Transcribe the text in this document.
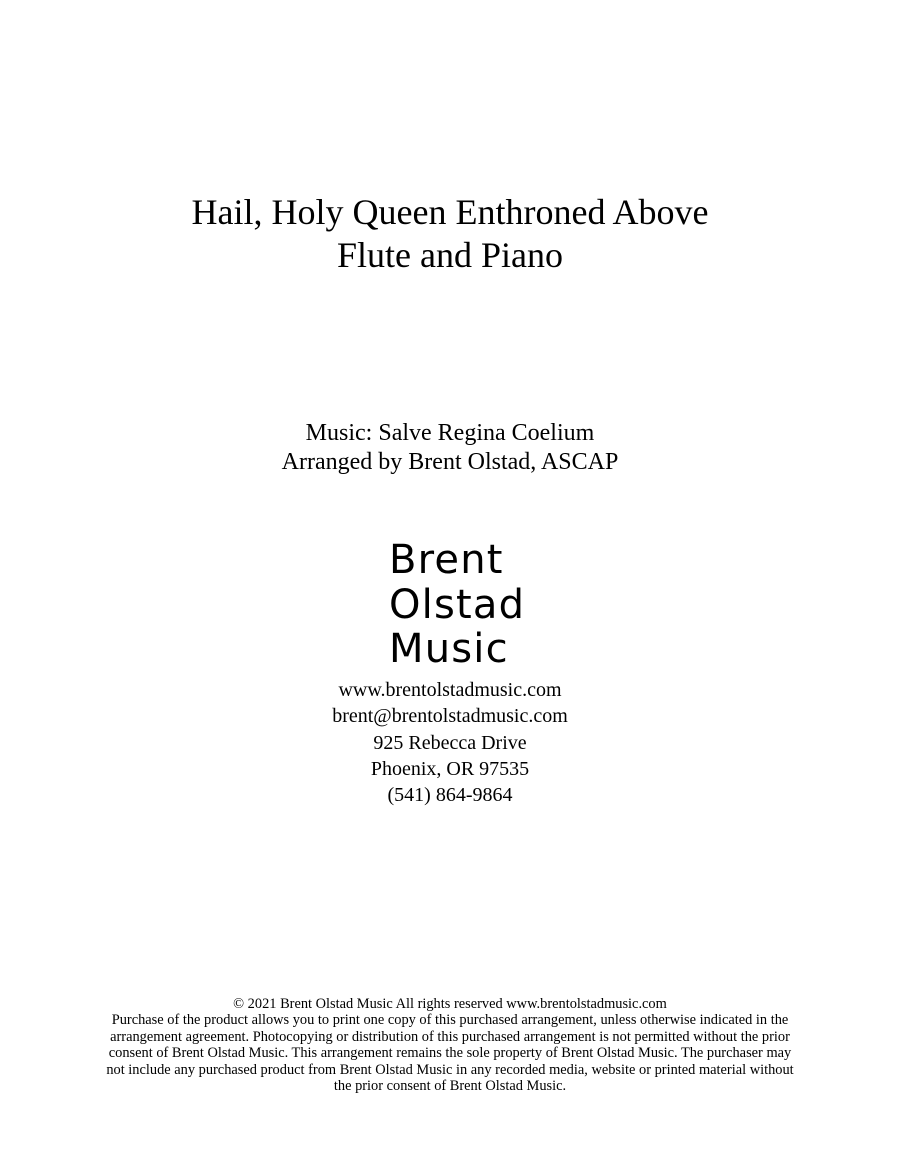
Hail, Holy Queen Enthroned Above
Flute and Piano
Music: Salve Regina Coelium
Arranged by Brent Olstad, ASCAP
Brent
Olstad
Music
www.brentolstadmusic.com
brent@brentolstadmusic.com
925 Rebecca Drive
Phoenix, OR 97535
(541) 864-9864
© 2021 Brent Olstad Music All rights reserved www.brentolstadmusic.com
Purchase of the product allows you to print one copy of this purchased arrangement, unless otherwise indicated in the
arrangement agreement. Photocopying or distribution of this purchased arrangement is not permitted without the prior
consent of Brent Olstad Music. This arrangement remains the sole property of Brent Olstad Music. The purchaser may
not include any purchased product from Brent Olstad Music in any recorded media, website or printed material without
the prior consent of Brent Olstad Music.
